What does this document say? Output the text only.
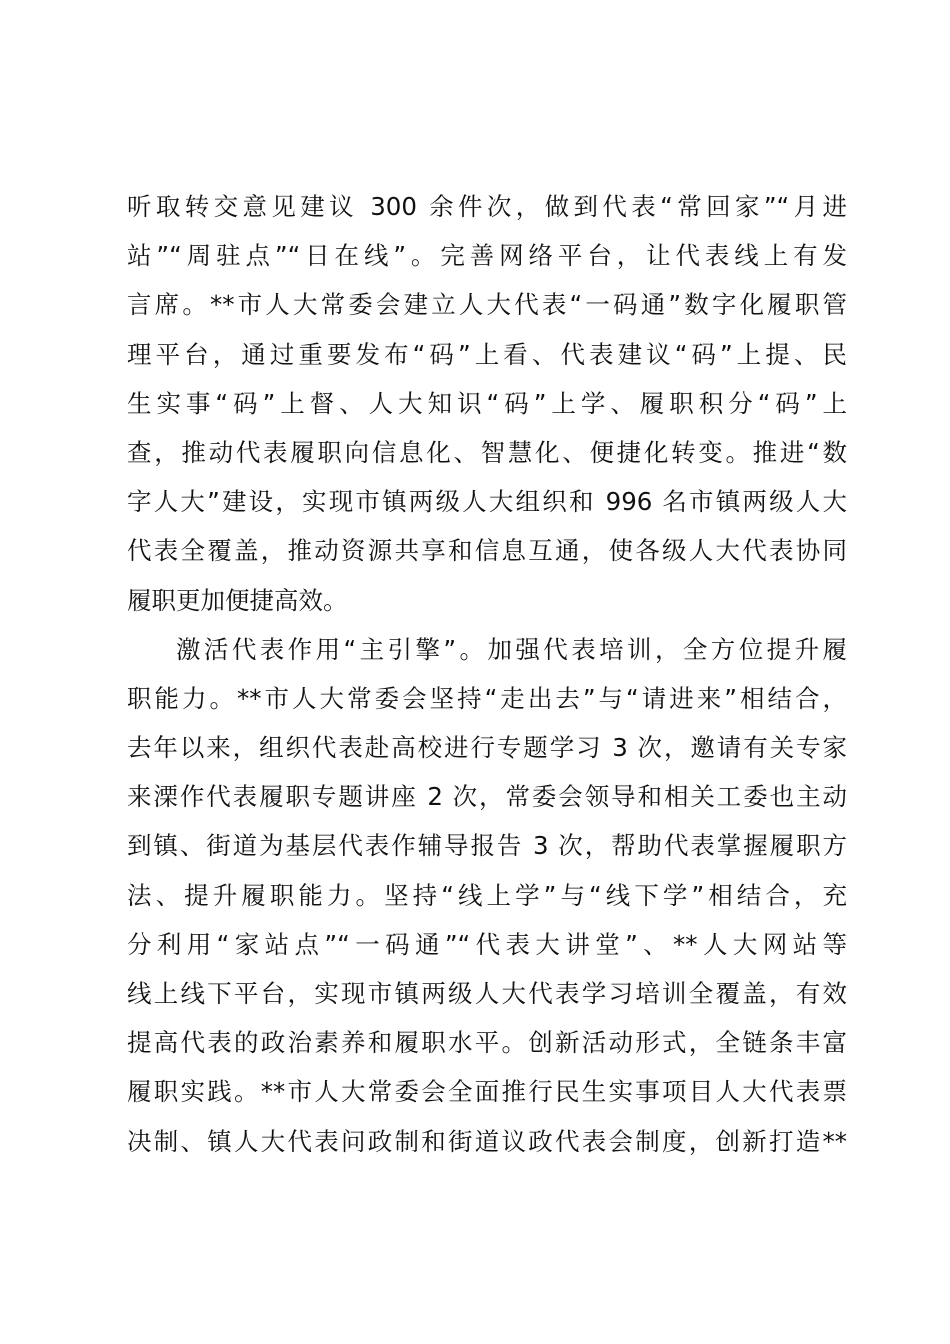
听取转交意见建议 300 余件次，做到代表“常回家”“月进
站”“周驻点”“日在线”。完善网络平台，让代表线上有发
言席。**市人大常委会建立人大代表“一码通”数字化履职管
理平台，通过重要发布“码”上看、代表建议“码”上提、民
生实事“码”上督、人大知识“码”上学、履职积分“码”上
查，推动代表履职向信息化、智慧化、便捷化转变。推进“数
字人大”建设，实现市镇两级人大组织和 996 名市镇两级人大
代表全覆盖，推动资源共享和信息互通，使各级人大代表协同
履职更加便捷高效。
激活代表作用“主引擎”。加强代表培训，全方位提升履
职能力。**市人大常委会坚持“走出去”与“请进来”相结合，
去年以来，组织代表赴高校进行专题学习 3 次，邀请有关专家
来溧作代表履职专题讲座 2 次，常委会领导和相关工委也主动
到镇、街道为基层代表作辅导报告 3 次，帮助代表掌握履职方
法、提升履职能力。坚持“线上学”与“线下学”相结合，充
分利用“家站点”“一码通”“代表大讲堂”、**人大网站等
线上线下平台，实现市镇两级人大代表学习培训全覆盖，有效
提高代表的政治素养和履职水平。创新活动形式，全链条丰富
履职实践。**市人大常委会全面推行民生实事项目人大代表票
决制、镇人大代表问政制和街道议政代表会制度，创新打造**
